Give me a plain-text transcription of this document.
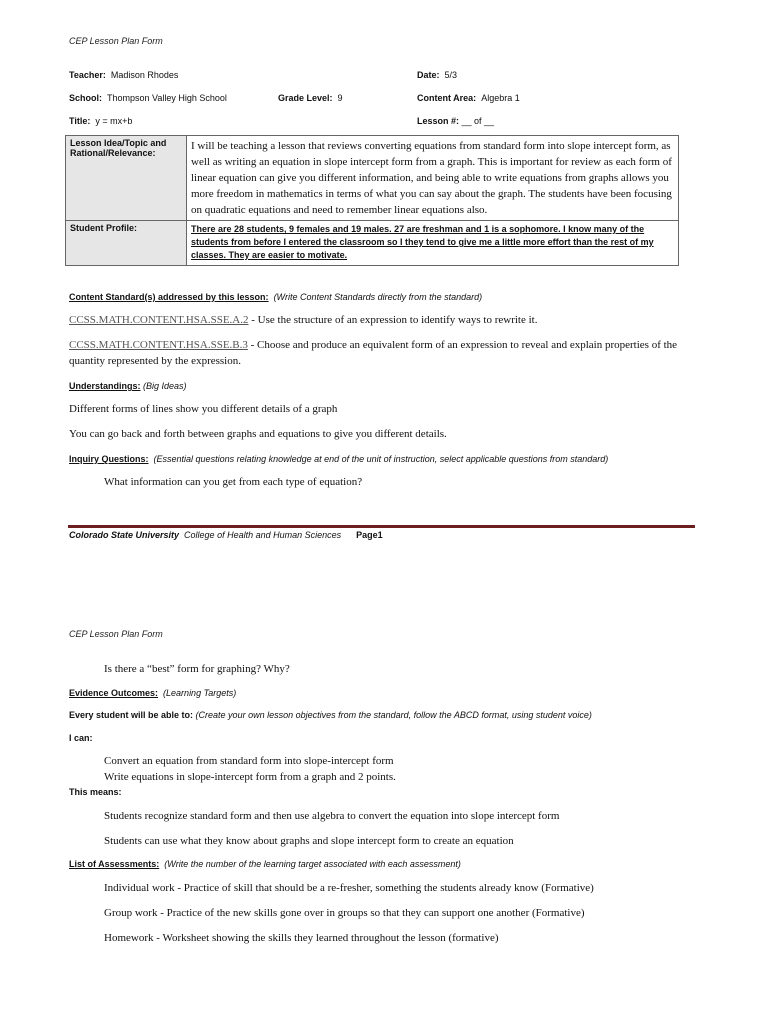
CEP Lesson Plan Form
Teacher: Madison Rhodes	Date: 5/3
School: Thompson Valley High School	Grade Level: 9	Content Area: Algebra 1
Title: y = mx+b	Lesson #: __ of __
Lesson Idea/Topic and Rational/Relevance:	I will be teaching a lesson that reviews converting equations from standard form into slope intercept form, as well as writing an equation in slope intercept form from a graph. This is important for review as each form of linear equation can give you different information, and being able to write equations from graphs allows you more freedom in mathematics in terms of what you can say about the graph. The students have been focusing on quadratic equations and need to remember linear equations also.
Student Profile:	There are 28 students, 9 females and 19 males. 27 are freshman and 1 is a sophomore. I know many of the students from before I entered the classroom so I they tend to give me a little more effort than the rest of my classes. They are easier to motivate.
Content Standard(s) addressed by this lesson: (Write Content Standards directly from the standard)
CCSS.MATH.CONTENT.HSA.SSE.A.2 - Use the structure of an expression to identify ways to rewrite it.
CCSS.MATH.CONTENT.HSA.SSE.B.3 - Choose and produce an equivalent form of an expression to reveal and explain properties of the quantity represented by the expression.
Understandings: (Big Ideas)
Different forms of lines show you different details of a graph
You can go back and forth between graphs and equations to give you different details.
Inquiry Questions: (Essential questions relating knowledge at end of the unit of instruction, select applicable questions from standard)
What information can you get from each type of equation?
Colorado State University College of Health and Human Sciences Page1
CEP Lesson Plan Form
Is there a “best” form for graphing? Why?
Evidence Outcomes: (Learning Targets)
Every student will be able to: (Create your own lesson objectives from the standard, follow the ABCD format, using student voice)
I can:
Convert an equation from standard form into slope-intercept form
Write equations in slope-intercept form from a graph and 2 points.
This means:
Students recognize standard form and then use algebra to convert the equation into slope intercept form
Students can use what they know about graphs and slope intercept form to create an equation
List of Assessments: (Write the number of the learning target associated with each assessment)
Individual work - Practice of skill that should be a re-fresher, something the students already know (Formative)
Group work - Practice of the new skills gone over in groups so that they can support one another (Formative)
Homework - Worksheet showing the skills they learned throughout the lesson (formative)
